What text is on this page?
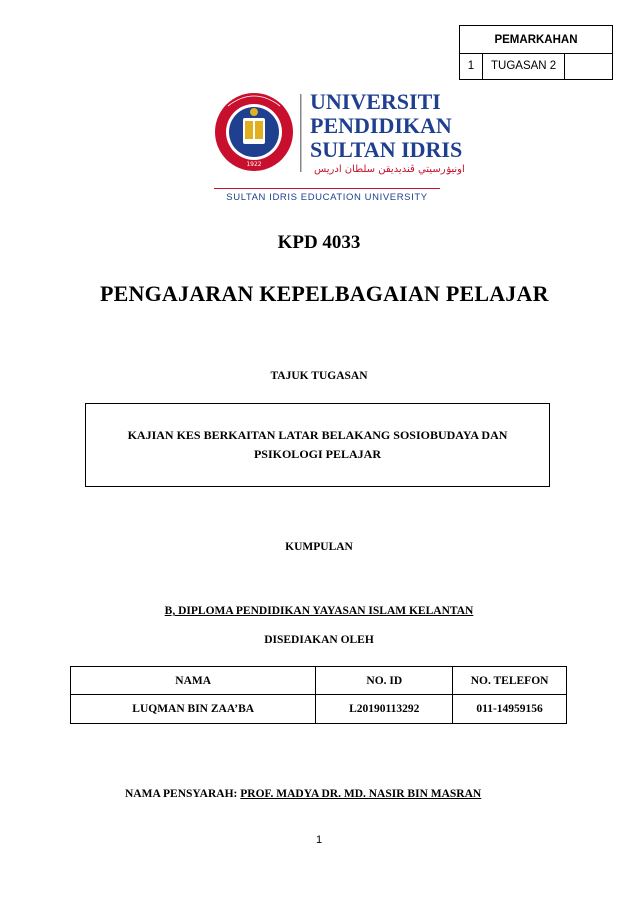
PEMARKAHAN
1	TUGASAN 2
1922
UNIVERSITI
PENDIDIKAN
SULTAN IDRIS
اونيۏرسيتي ڤنديديقن سلطان ادريس
SULTAN IDRIS EDUCATION UNIVERSITY
KPD 4033
PENGAJARAN KEPELBAGAIAN PELAJAR
TAJUK TUGASAN
KAJIAN KES BERKAITAN LATAR BELAKANG SOSIOBUDAYA DAN
PSIKOLOGI PELAJAR
KUMPULAN
B, DIPLOMA PENDIDIKAN YAYASAN ISLAM KELANTAN
DISEDIAKAN OLEH
NAMA	NO. ID	NO. TELEFON
LUQMAN BIN ZAA’BA	L20190113292	011-14959156
NAMA PENSYARAH: PROF. MADYA DR. MD. NASIR BIN MASRAN
1
